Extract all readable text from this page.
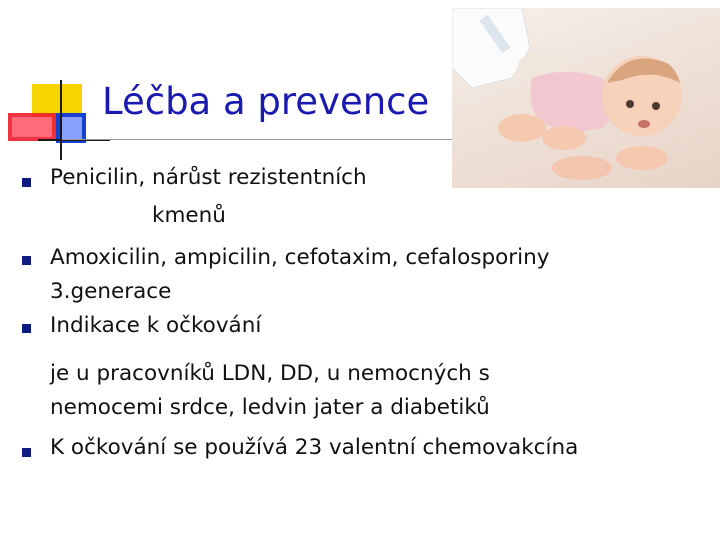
Léčba a prevence
Penicilin, nárůst rezistentních
kmenů
Amoxicilin, ampicilin, cefotaxim, cefalosporiny
3.generace
Indikace k očkování
je u pracovníků LDN, DD, u nemocných s
nemocemi srdce, ledvin jater a diabetiků
K očkování se používá 23 valentní chemovakcína
